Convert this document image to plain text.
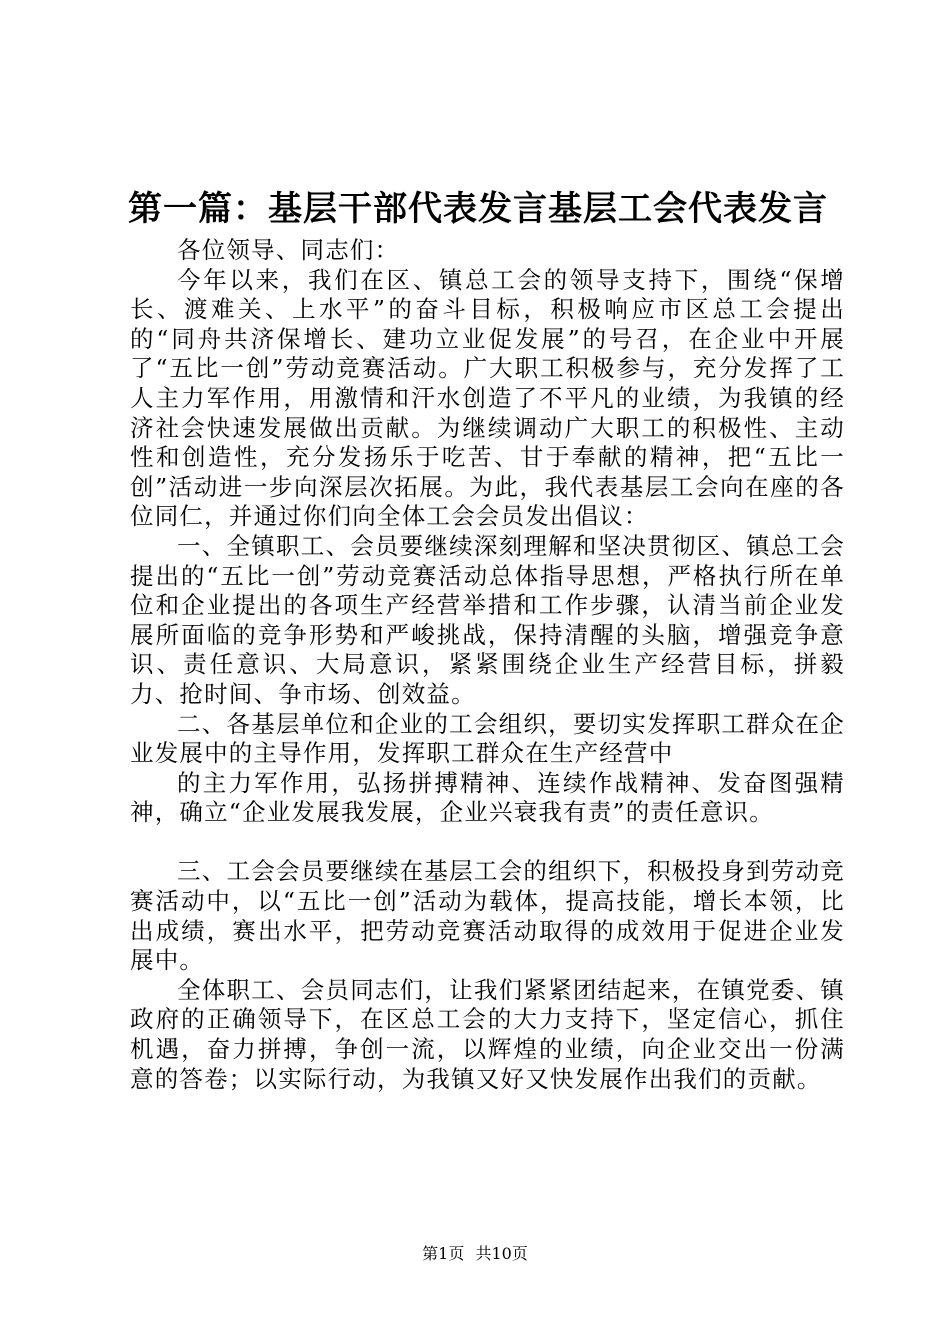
第一篇：基层干部代表发言基层工会代表发言

各位领导、同志们：

今年以来，我们在区、镇总工会的领导支持下，围绕“保增长、渡难关、上水平”的奋斗目标，积极响应市区总工会提出的“同舟共济保增长、建功立业促发展”的号召，在企业中开展了“五比一创”劳动竞赛活动。广大职工积极参与，充分发挥了工人主力军作用，用激情和汗水创造了不平凡的业绩，为我镇的经济社会快速发展做出贡献。为继续调动广大职工的积极性、主动性和创造性，充分发扬乐于吃苦、甘于奉献的精神，把“五比一创”活动进一步向深层次拓展。为此，我代表基层工会向在座的各位同仁，并通过你们向全体工会会员发出倡议：

一、全镇职工、会员要继续深刻理解和坚决贯彻区、镇总工会提出的“五比一创”劳动竞赛活动总体指导思想，严格执行所在单位和企业提出的各项生产经营举措和工作步骤，认清当前企业发展所面临的竞争形势和严峻挑战，保持清醒的头脑，增强竞争意识、责任意识、大局意识，紧紧围绕企业生产经营目标，拼毅力、抢时间、争市场、创效益。

二、各基层单位和企业的工会组织，要切实发挥职工群众在企业发展中的主导作用，发挥职工群众在生产经营中

的主力军作用，弘扬拼搏精神、连续作战精神、发奋图强精神，确立“企业发展我发展，企业兴衰我有责”的责任意识。

三、工会会员要继续在基层工会的组织下，积极投身到劳动竞赛活动中，以“五比一创”活动为载体，提高技能，增长本领，比出成绩，赛出水平，把劳动竞赛活动取得的成效用于促进企业发展中。

全体职工、会员同志们，让我们紧紧团结起来，在镇党委、镇政府的正确领导下，在区总工会的大力支持下，坚定信心，抓住机遇，奋力拼搏，争创一流，以辉煌的业绩，向企业交出一份满意的答卷；以实际行动，为我镇又好又快发展作出我们的贡献。

第1页 共10页
